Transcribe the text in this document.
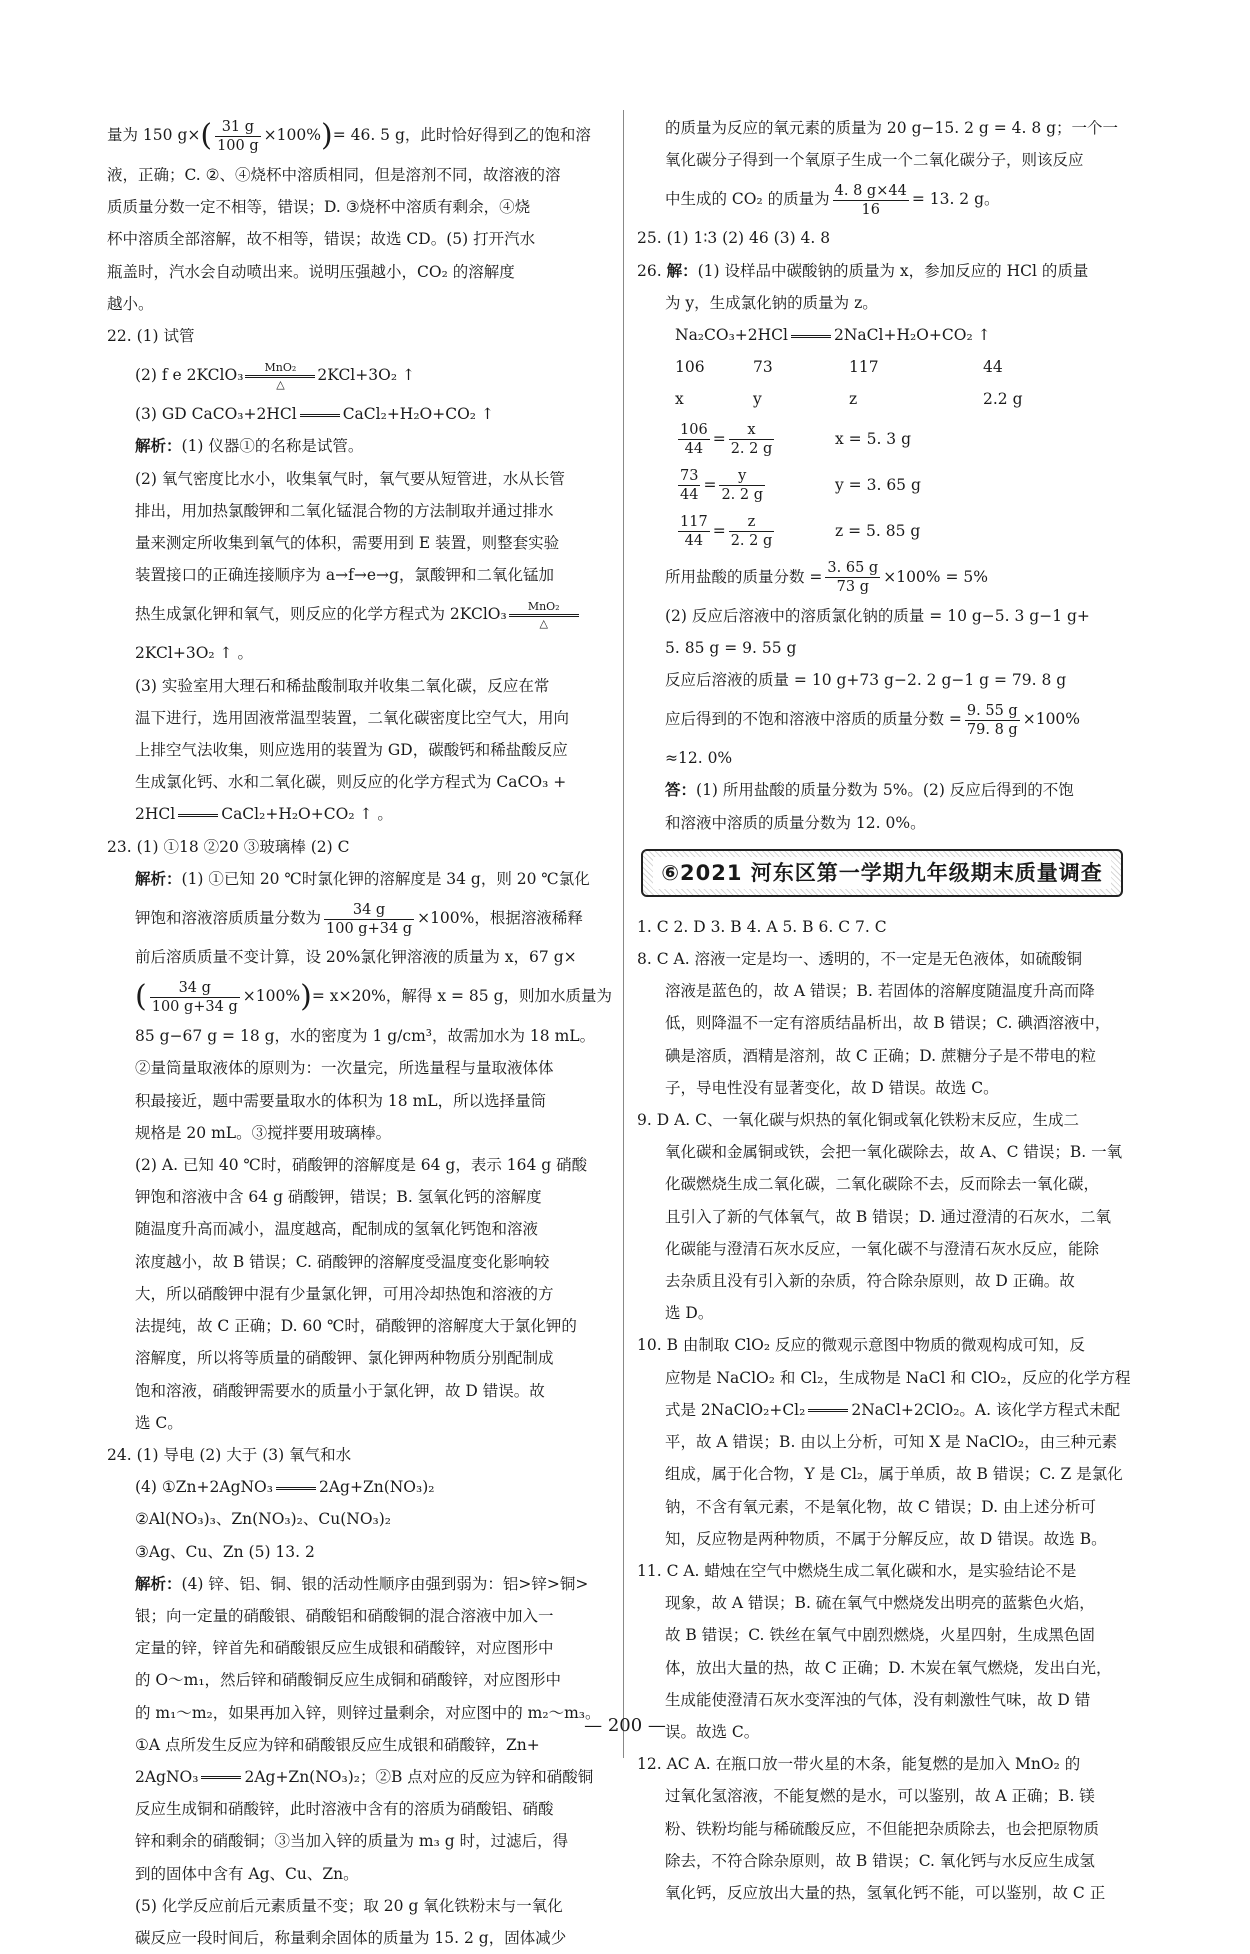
量为 150 $g\times( \frac{31 g}{100 g} \times 100\%)= 46$. 5 g，此时恰好得到乙的饱和溶
液，正确；C. ②、④烧杯中溶质相同，但是溶剂不同，故溶液的溶
质质量分数一定不相等，错误；D. ③烧杯中溶质有剩余，④烧
杯中溶质全部溶解，故不相等，错误；故选 CD。(5) 打开汽水
瓶盖时，汽水会自动喷出来。说明压强越小，CO₂ 的溶解度
越小。
22. (1) 试管
(2) f e 2KClO₃ MnO₂
△ 2KCl+3O₂ ↑
(3) GD CaCO₃+2HCl	CaCl₂+H₂O+CO₂ ↑
解析：(1) 仪器①的名称是试管。
(2) 氧气密度比水小，收集氧气时，氧气要从短管进，水从长管
排出，用加热氯酸钾和二氧化锰混合物的方法制取并通过排水
量来测定所收集到氧气的体积，需要用到 E 装置，则整套实验
装置接口的正确连接顺序为 a→f→e→g，氯酸钾和二氧化锰加
热生成氯化钾和氧气，则反应的化学方程式为 2KClO₃ MnO₂
△
2KCl+3O₂ ↑ 。
(3) 实验室用大理石和稀盐酸制取并收集二氧化碳，反应在常
温下进行，选用固液常温型装置，二氧化碳密度比空气大，用向
上排空气法收集，则应选用的装置为 GD，碳酸钙和稀盐酸反应
生成氯化钙、水和二氧化碳，则反应的化学方程式为 CaCO₃ +
2HCl	CaCl₂+H₂O+CO₂ ↑ 。
23. (1) ①18 ②20 ③玻璃棒 (2) C
解析：(1) ①已知 20 ℃时氯化钾的溶解度是 34 g，则 20 ℃氯化
钾饱和溶液溶质质量分数为 $\frac{34 g}{100 g+34 g} \times 100\%$，根据溶液稀释
前后溶质质量不变计算，设 20%氯化钾溶液的质量为 x，67 g×
( $\frac{34 g}{100 g+34 g} \times 100\%)= x\times 20\%$，解得 x = 85 g，则加水质量为
85 g−67 g = 18 g，水的密度为 1 g/cm³，故需加水为 18 mL。
②量筒量取液体的原则为：一次量完，所选量程与量取液体体
积最接近，题中需要量取水的体积为 18 mL，所以选择量筒
规格是 20 mL。③搅拌要用玻璃棒。
(2) A. 已知 40 ℃时，硝酸钾的溶解度是 64 g，表示 164 g 硝酸
钾饱和溶液中含 64 g 硝酸钾，错误；B. 氢氧化钙的溶解度
随温度升高而减小，温度越高，配制成的氢氧化钙饱和溶液
浓度越小，故 B 错误；C. 硝酸钾的溶解度受温度变化影响较
大，所以硝酸钾中混有少量氯化钾，可用冷却热饱和溶液的方
法提纯，故 C 正确；D. 60 ℃时，硝酸钾的溶解度大于氯化钾的
溶解度，所以将等质量的硝酸钾、氯化钾两种物质分别配制成
饱和溶液，硝酸钾需要水的质量小于氯化钾，故 D 错误。故
选 C。
24. (1) 导电 (2) 大于 (3) 氧气和水
(4) ①Zn+2AgNO₃	2Ag+Zn(NO₃)₂
②Al(NO₃)₃、Zn(NO₃)₂、Cu(NO₃)₂
③Ag、Cu、Zn (5) 13. 2
解析：(4) 锌、铝、铜、银的活动性顺序由强到弱为：铝>锌>铜>
银；向一定量的硝酸银、硝酸铝和硝酸铜的混合溶液中加入一
定量的锌，锌首先和硝酸银反应生成银和硝酸锌，对应图形中
的 O～m₁，然后锌和硝酸铜反应生成铜和硝酸锌，对应图形中
的 m₁～m₂，如果再加入锌，则锌过量剩余，对应图中的 m₂～m₃。
①A 点所发生反应为锌和硝酸银反应生成银和硝酸锌，Zn+
2AgNO₃	2Ag+Zn(NO₃)₂；②B 点对应的反应为锌和硝酸铜
反应生成铜和硝酸锌，此时溶液中含有的溶质为硝酸铝、硝酸
锌和剩余的硝酸铜；③当加入锌的质量为 m₃ g 时，过滤后，得
到的固体中含有 Ag、Cu、Zn。
(5) 化学反应前后元素质量不变；取 20 g 氧化铁粉末与一氧化
碳反应一段时间后，称量剩余固体的质量为 15. 2 g，固体减少
的质量为反应的氧元素的质量为 20 g−15. 2 g = 4. 8 g；一个一
氧化碳分子得到一个氧原子生成一个二氧化碳分子，则该反应
中生成的 CO₂ 的质量为 $\frac{4. 8 g\times 44}{16} = 13$. 2 g。
25. (1) 1∶3 (2) 46 (3) 4. 8
26. 解：(1) 设样品中碳酸钠的质量为 x，参加反应的 HCl 的质量
为 y，生成氯化钠的质量为 z。
Na₂CO₃+2HCl	2NaCl+H₂O+CO₂ ↑
106	73	117	44
x	y	z	2.2 g
$\frac{106}{44} = \frac{x}{2. 2 g}$	x = 5. 3 g
$\frac{73}{44} = \frac{y}{2. 2 g}$	y = 3. 65 g
$\frac{117}{44} = \frac{z}{2. 2 g}$	z = 5. 85 g
所用盐酸的质量分数 = $\frac{3. 65 g}{73 g} \times 100\% = 5\%$
(2) 反应后溶液中的溶质氯化钠的质量 = 10 g−5. 3 g−1 g+
5. 85 g = 9. 55 g
反应后溶液的质量 = 10 g+73 g−2. 2 g−1 g = 79. 8 g
应后得到的不饱和溶液中溶质的质量分数 = $\frac{9. 55 g}{79. 8 g} \times 100\%$
≈12. 0%
答：(1) 所用盐酸的质量分数为 5%。(2) 反应后得到的不饱
和溶液中溶质的质量分数为 12. 0%。
⑥2021 河东区第一学期九年级期末质量调查
1. C 2. D 3. B 4. A 5. B 6. C 7. C
8. C A. 溶液一定是均一、透明的，不一定是无色液体，如硫酸铜
溶液是蓝色的，故 A 错误；B. 若固体的溶解度随温度升高而降
低，则降温不一定有溶质结晶析出，故 B 错误；C. 碘酒溶液中，
碘是溶质，酒精是溶剂，故 C 正确；D. 蔗糖分子是不带电的粒
子，导电性没有显著变化，故 D 错误。故选 C。
9. D A. C、一氧化碳与炽热的氧化铜或氧化铁粉末反应，生成二
氧化碳和金属铜或铁，会把一氧化碳除去，故 A、C 错误；B. 一氧
化碳燃烧生成二氧化碳，二氧化碳除不去，反而除去一氧化碳，
且引入了新的气体氧气，故 B 错误；D. 通过澄清的石灰水，二氧
化碳能与澄清石灰水反应，一氧化碳不与澄清石灰水反应，能除
去杂质且没有引入新的杂质，符合除杂原则，故 D 正确。故
选 D。
10. B 由制取 ClO₂ 反应的微观示意图中物质的微观构成可知，反
应物是 NaClO₂ 和 Cl₂，生成物是 NaCl 和 ClO₂，反应的化学方程
式是 2NaClO₂+Cl₂	2NaCl+2ClO₂。A. 该化学方程式未配
平，故 A 错误；B. 由以上分析，可知 X 是 NaClO₂，由三种元素
组成，属于化合物，Y 是 Cl₂，属于单质，故 B 错误；C. Z 是氯化
钠，不含有氧元素，不是氧化物，故 C 错误；D. 由上述分析可
知，反应物是两种物质，不属于分解反应，故 D 错误。故选 B。
11. C A. 蜡烛在空气中燃烧生成二氧化碳和水，是实验结论不是
现象，故 A 错误；B. 硫在氧气中燃烧发出明亮的蓝紫色火焰，
故 B 错误；C. 铁丝在氧气中剧烈燃烧，火星四射，生成黑色固
体，放出大量的热，故 C 正确；D. 木炭在氧气燃烧，发出白光，
生成能使澄清石灰水变浑浊的气体，没有刺激性气味，故 D 错
误。故选 C。
12. AC A. 在瓶口放一带火星的木条，能复燃的是加入 MnO₂ 的
过氧化氢溶液，不能复燃的是水，可以鉴别，故 A 正确；B. 镁
粉、铁粉均能与稀硫酸反应，不但能把杂质除去，也会把原物质
除去，不符合除杂原则，故 B 错误；C. 氧化钙与水反应生成氢
氧化钙，反应放出大量的热，氢氧化钙不能，可以鉴别，故 C 正
— 200 —
